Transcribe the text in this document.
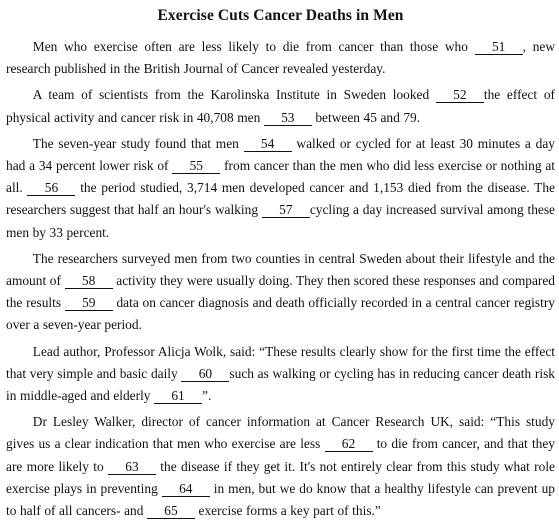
Exercise Cuts Cancer Deaths in Men

Men who exercise often are less likely to die from cancer than those who 51 , new research published in the British Journal of Cancer revealed yesterday.

A team of scientists from the Karolinska Institute in Sweden looked 52 the effect of physical activity and cancer risk in 40,708 men 53 between 45 and 79.

The seven-year study found that men 54 walked or cycled for at least 30 minutes a day had a 34 percent lower risk of 55 from cancer than the men who did less exercise or nothing at all. 56 the period studied, 3,714 men developed cancer and 1,153 died from the disease. The researchers suggest that half an hour's walking 57 cycling a day increased survival among these men by 33 percent.

The researchers surveyed men from two counties in central Sweden about their lifestyle and the amount of 58 activity they were usually doing. They then scored these responses and compared the results 59 data on cancer diagnosis and death officially recorded in a central cancer registry over a seven-year period.

Lead author, Professor Alicja Wolk, said: “These results clearly show for the first time the effect that very simple and basic daily 60 such as walking or cycling has in reducing cancer death risk in middle-aged and elderly 61 ”.

Dr Lesley Walker, director of cancer information at Cancer Research UK, said: “This study gives us a clear indication that men who exercise are less 62 to die from cancer, and that they are more likely to 63 the disease if they get it. It's not entirely clear from this study what role exercise plays in preventing 64 in men, but we do know that a healthy lifestyle can prevent up to half of all cancers- and 65 exercise forms a key part of this.”
